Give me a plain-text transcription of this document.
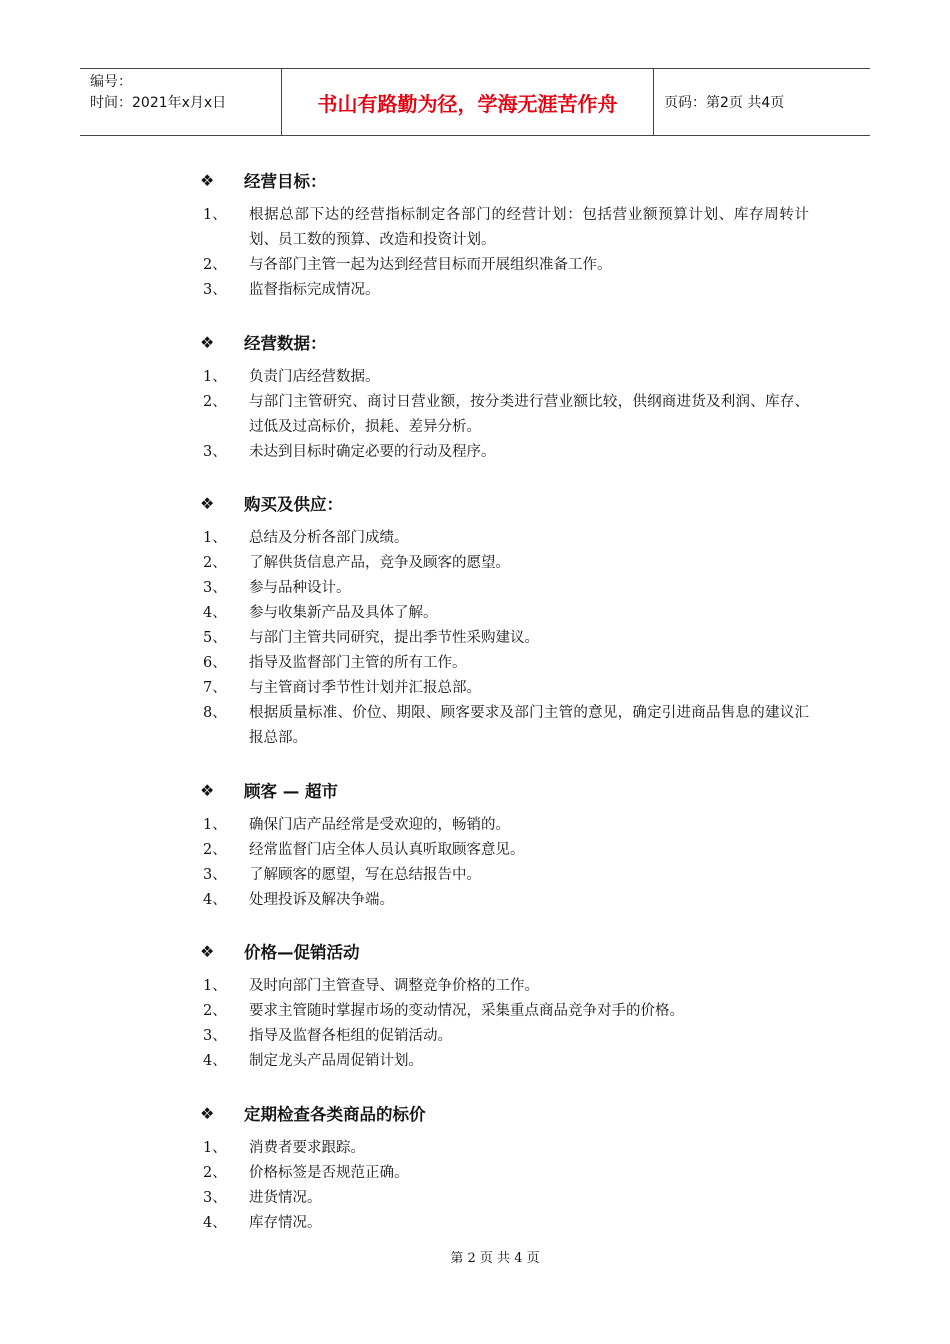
编号：
时间：2021年x月x日	书山有路勤为径，学海无涯苦作舟	页码：第2页 共4页
❖ 经营目标：
1、 根据总部下达的经营指标制定各部门的经营计划：包括营业额预算计划、库存周转计划、员工数的预算、改造和投资计划。
2、 与各部门主管一起为达到经营目标而开展组织准备工作。
3、 监督指标完成情况。
❖ 经营数据：
1、 负责门店经营数据。
2、 与部门主管研究、商讨日营业额，按分类进行营业额比较，供纲商进货及利润、库存、过低及过高标价，损耗、差异分析。
3、 未达到目标时确定必要的行动及程序。
❖ 购买及供应：
1、 总结及分析各部门成绩。
2、 了解供货信息产品，竞争及顾客的愿望。
3、 参与品种设计。
4、 参与收集新产品及具体了解。
5、 与部门主管共同研究，提出季节性采购建议。
6、 指导及监督部门主管的所有工作。
7、 与主管商讨季节性计划并汇报总部。
8、 根据质量标准、价位、期限、顾客要求及部门主管的意见，确定引进商品售息的建议汇报总部。
❖ 顾客 — 超市
1、 确保门店产品经常是受欢迎的，畅销的。
2、 经常监督门店全体人员认真听取顾客意见。
3、 了解顾客的愿望，写在总结报告中。
4、 处理投诉及解决争端。
❖ 价格—促销活动
1、 及时向部门主管查导、调整竞争价格的工作。
2、 要求主管随时掌握市场的变动情况，采集重点商品竞争对手的价格。
3、 指导及监督各柜组的促销活动。
4、 制定龙头产品周促销计划。
❖ 定期检查各类商品的标价
1、 消费者要求跟踪。
2、 价格标签是否规范正确。
3、 进货情况。
4、 库存情况。
第 2 页 共 4 页
